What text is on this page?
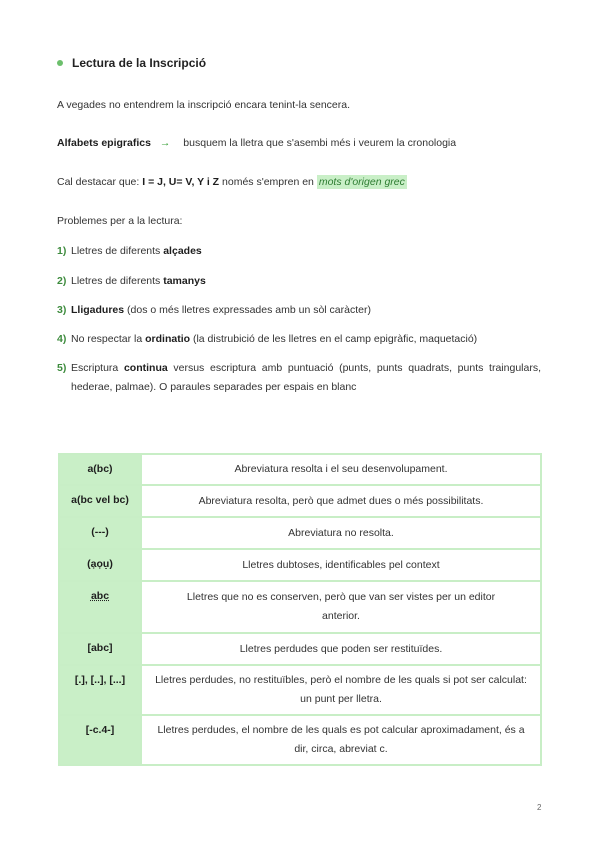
Lectura de la Inscripció
A vegades no entendrem la inscripció encara tenint-la sencera.
Alfabets epigrafics → busquem la lletra que s'asembi més i veurem la cronologia
Cal destacar que: I = J, U= V, Y i Z només s'empren en mots d'origen grec
Problemes per a la lectura:
1) Lletres de diferents alçades
2) Lletres de diferents tamanys
3) Lligadures (dos o més lletres expressades amb un sòl caràcter)
4) No respectar la ordinatio (la distrubició de les lletres en el camp epigràfic, maquetació)
5) Escriptura continua versus escriptura amb puntuació (punts, punts quadrats, punts traingulars, hederae, palmae). O paraules separades per espais en blanc
a(bc)	Abreviatura resolta i el seu desenvolupament.
a(bc vel bc)	Abreviatura resolta, però que admet dues o més possibilitats.
(---)	Abreviatura no resolta.
(ạọụ)	Lletres dubtoses, identificables pel context
abc	Lletres que no es conserven, però que van ser vistes per un editor anterior.
[abc]	Lletres perdudes que poden ser restituïdes.
[.], [..], [...]	Lletres perdudes, no restituïbles, però el nombre de les quals si pot ser calculat: un punt per lletra.
[-c.4-]	Lletres perdudes, el nombre de les quals es pot calcular aproximadament, és a dir, circa, abreviat c.
2
